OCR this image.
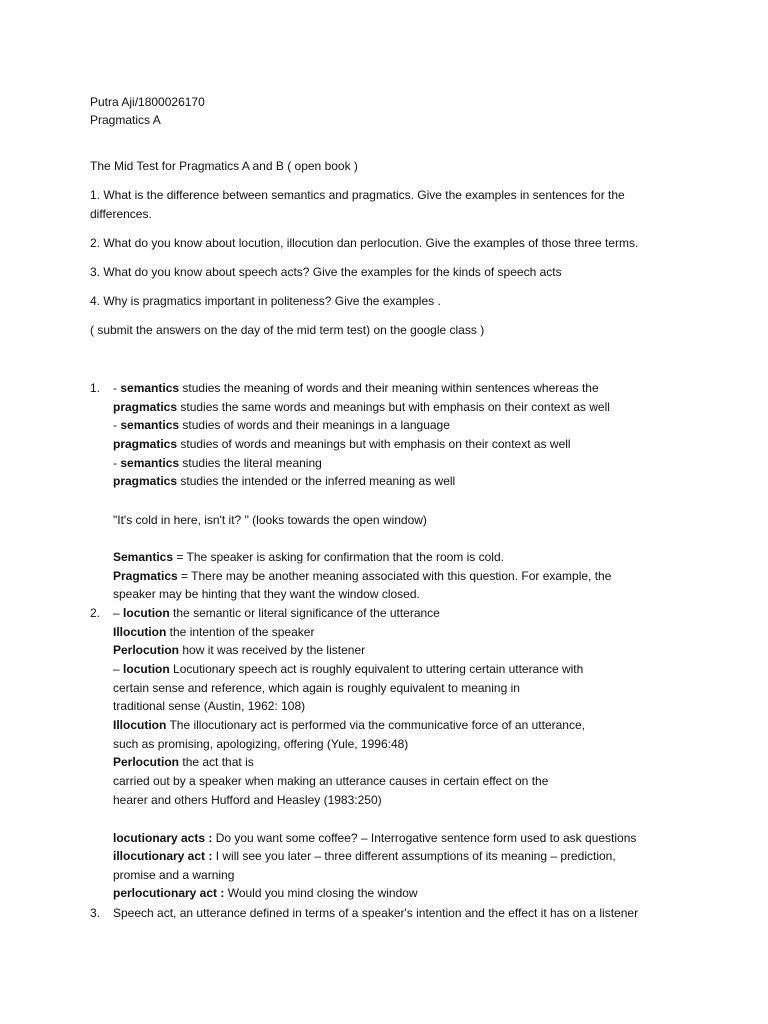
Putra Aji/1800026170
Pragmatics A
The Mid Test for Pragmatics A and B ( open book )
1. What is the difference between semantics and pragmatics. Give the examples in sentences for the
differences.
2. What do you know about locution, illocution dan perlocution. Give the examples of those three terms.
3. What do you know about speech acts? Give the examples for the kinds of speech acts
4. Why is pragmatics important in politeness? Give the examples .
( submit the answers on the day of the mid term test) on the google class )
1. - semantics studies the meaning of words and their meaning within sentences whereas the
pragmatics studies the same words and meanings but with emphasis on their context as well
- semantics studies of words and their meanings in a language
pragmatics studies of words and meanings but with emphasis on their context as well
- semantics studies the literal meaning
pragmatics studies the intended or the inferred meaning as well
"It's cold in here, isn't it? " (looks towards the open window)
Semantics = The speaker is asking for confirmation that the room is cold.
Pragmatics = There may be another meaning associated with this question. For example, the
speaker may be hinting that they want the window closed.
2. – locution the semantic or literal significance of the utterance
Illocution the intention of the speaker
Perlocution how it was received by the listener
– locution Locutionary speech act is roughly equivalent to uttering certain utterance with
certain sense and reference, which again is roughly equivalent to meaning in
traditional sense (Austin, 1962: 108)
Illocution The illocutionary act is performed via the communicative force of an utterance,
such as promising, apologizing, offering (Yule, 1996:48)
Perlocution the act that is
carried out by a speaker when making an utterance causes in certain effect on the
hearer and others Hufford and Heasley (1983:250)
locutionary acts : Do you want some coffee? – Interrogative sentence form used to ask questions
illocutionary act : I will see you later – three different assumptions of its meaning – prediction,
promise and a warning
perlocutionary act : Would you mind closing the window
3. Speech act, an utterance defined in terms of a speaker's intention and the effect it has on a listener
